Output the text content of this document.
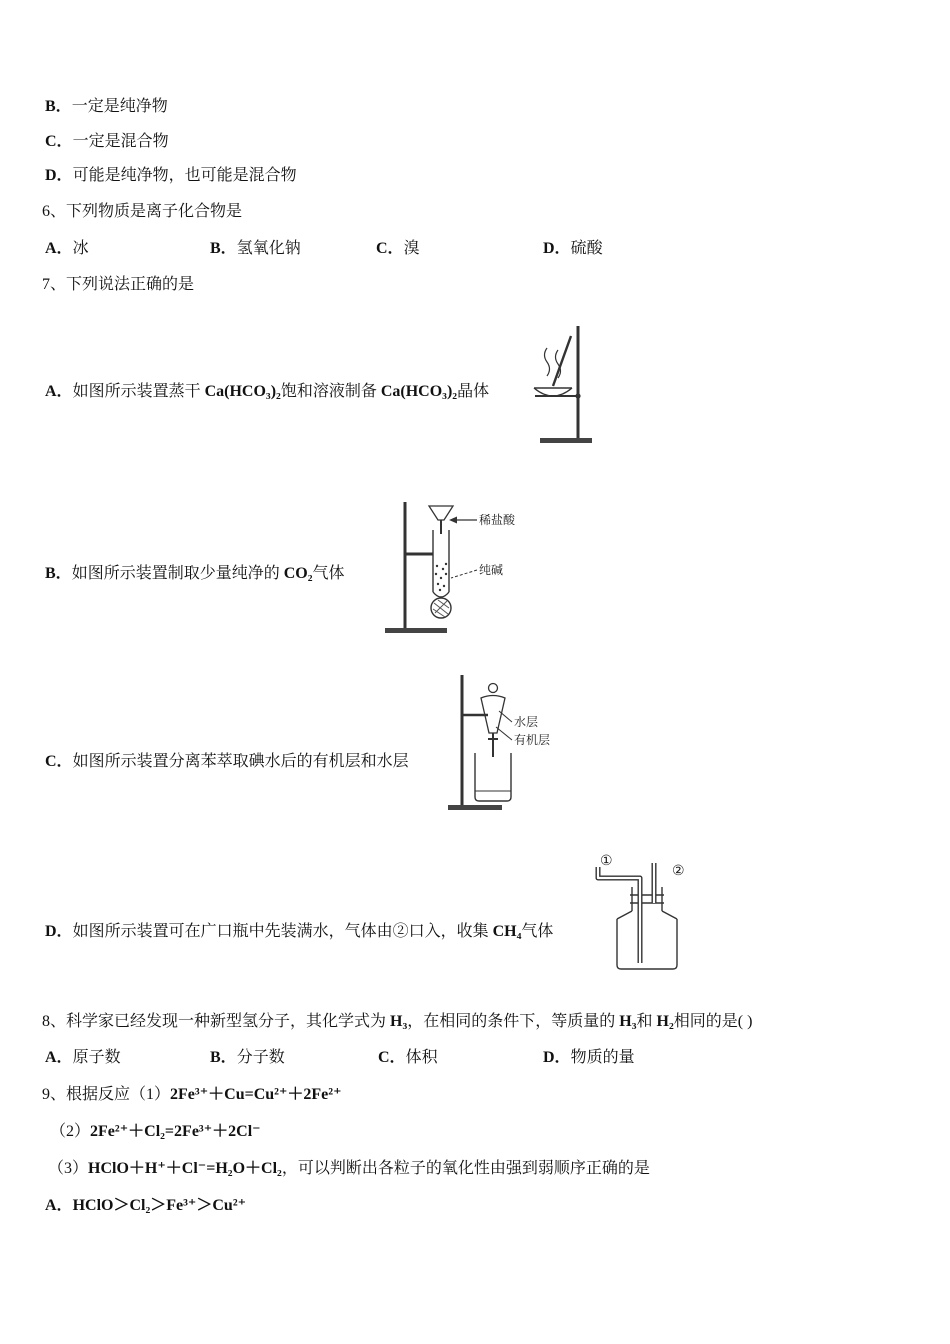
B．一定是纯净物
C．一定是混合物
D．可能是纯净物，也可能是混合物
6、下列物质是离子化合物是
A．冰	B．氢氧化钠	C．溴	D．硫酸
7、下列说法正确的是
A．如图所示装置蒸干 Ca(HCO₃)₂饱和溶液制备 Ca(HCO₃)₂晶体
稀盐酸
纯碱
B．如图所示装置制取少量纯净的 CO₂气体
水层
有机层
C．如图所示装置分离苯萃取碘水后的有机层和水层
①
②
D．如图所示装置可在广口瓶中先装满水，气体由②口入，收集 CH₄气体
8、科学家已经发现一种新型氢分子，其化学式为 H₃，在相同的条件下，等质量的 H₃和 H₂相同的是( )
A．原子数	B．分子数	C．体积	D．物质的量
9、根据反应（1）2Fe³⁺＋Cu=Cu²⁺＋2Fe²⁺
（2）2Fe²⁺＋Cl₂=2Fe³⁺＋2Cl⁻
（3）HClO＋H⁺＋Cl⁻=H₂O＋Cl₂，可以判断出各粒子的氧化性由强到弱顺序正确的是
A．HClO＞Cl₂＞Fe³⁺＞Cu²⁺
